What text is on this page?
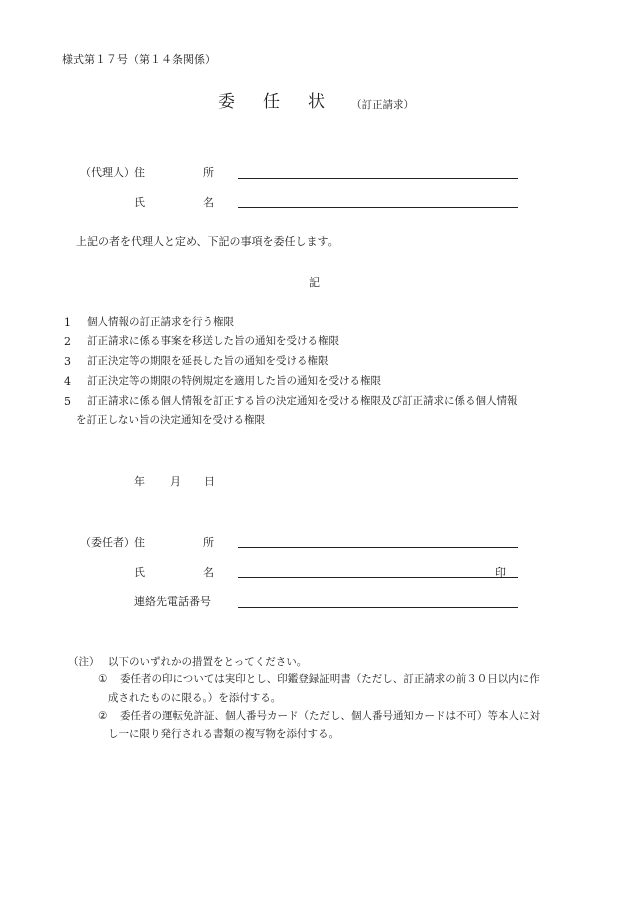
様式第１７号（第１４条関係）
委 任 状 （訂正請求）
（代理人） 住	所
氏	名
上記の者を代理人と定め、下記の事項を委任します。
記
1 個人情報の訂正請求を行う権限
2 訂正請求に係る事案を移送した旨の通知を受ける権限
3 訂正決定等の期限を延長した旨の通知を受ける権限
4 訂正決定等の期限の特例規定を適用した旨の通知を受ける権限
5 訂正請求に係る個人情報を訂正する旨の決定通知を受ける権限及び訂正請求に係る個人情報
を訂正しない旨の決定通知を受ける権限
年 月 日
（委任者） 住	所
氏	名	印
連絡先電話番号
（注） 以下のいずれかの措置をとってください。
① 委任者の印については実印とし、印鑑登録証明書（ただし、訂正請求の前３０日以内に作
成されたものに限る。）を添付する。
② 委任者の運転免許証、個人番号カード（ただし、個人番号通知カードは不可）等本人に対
し一に限り発行される書類の複写物を添付する。
